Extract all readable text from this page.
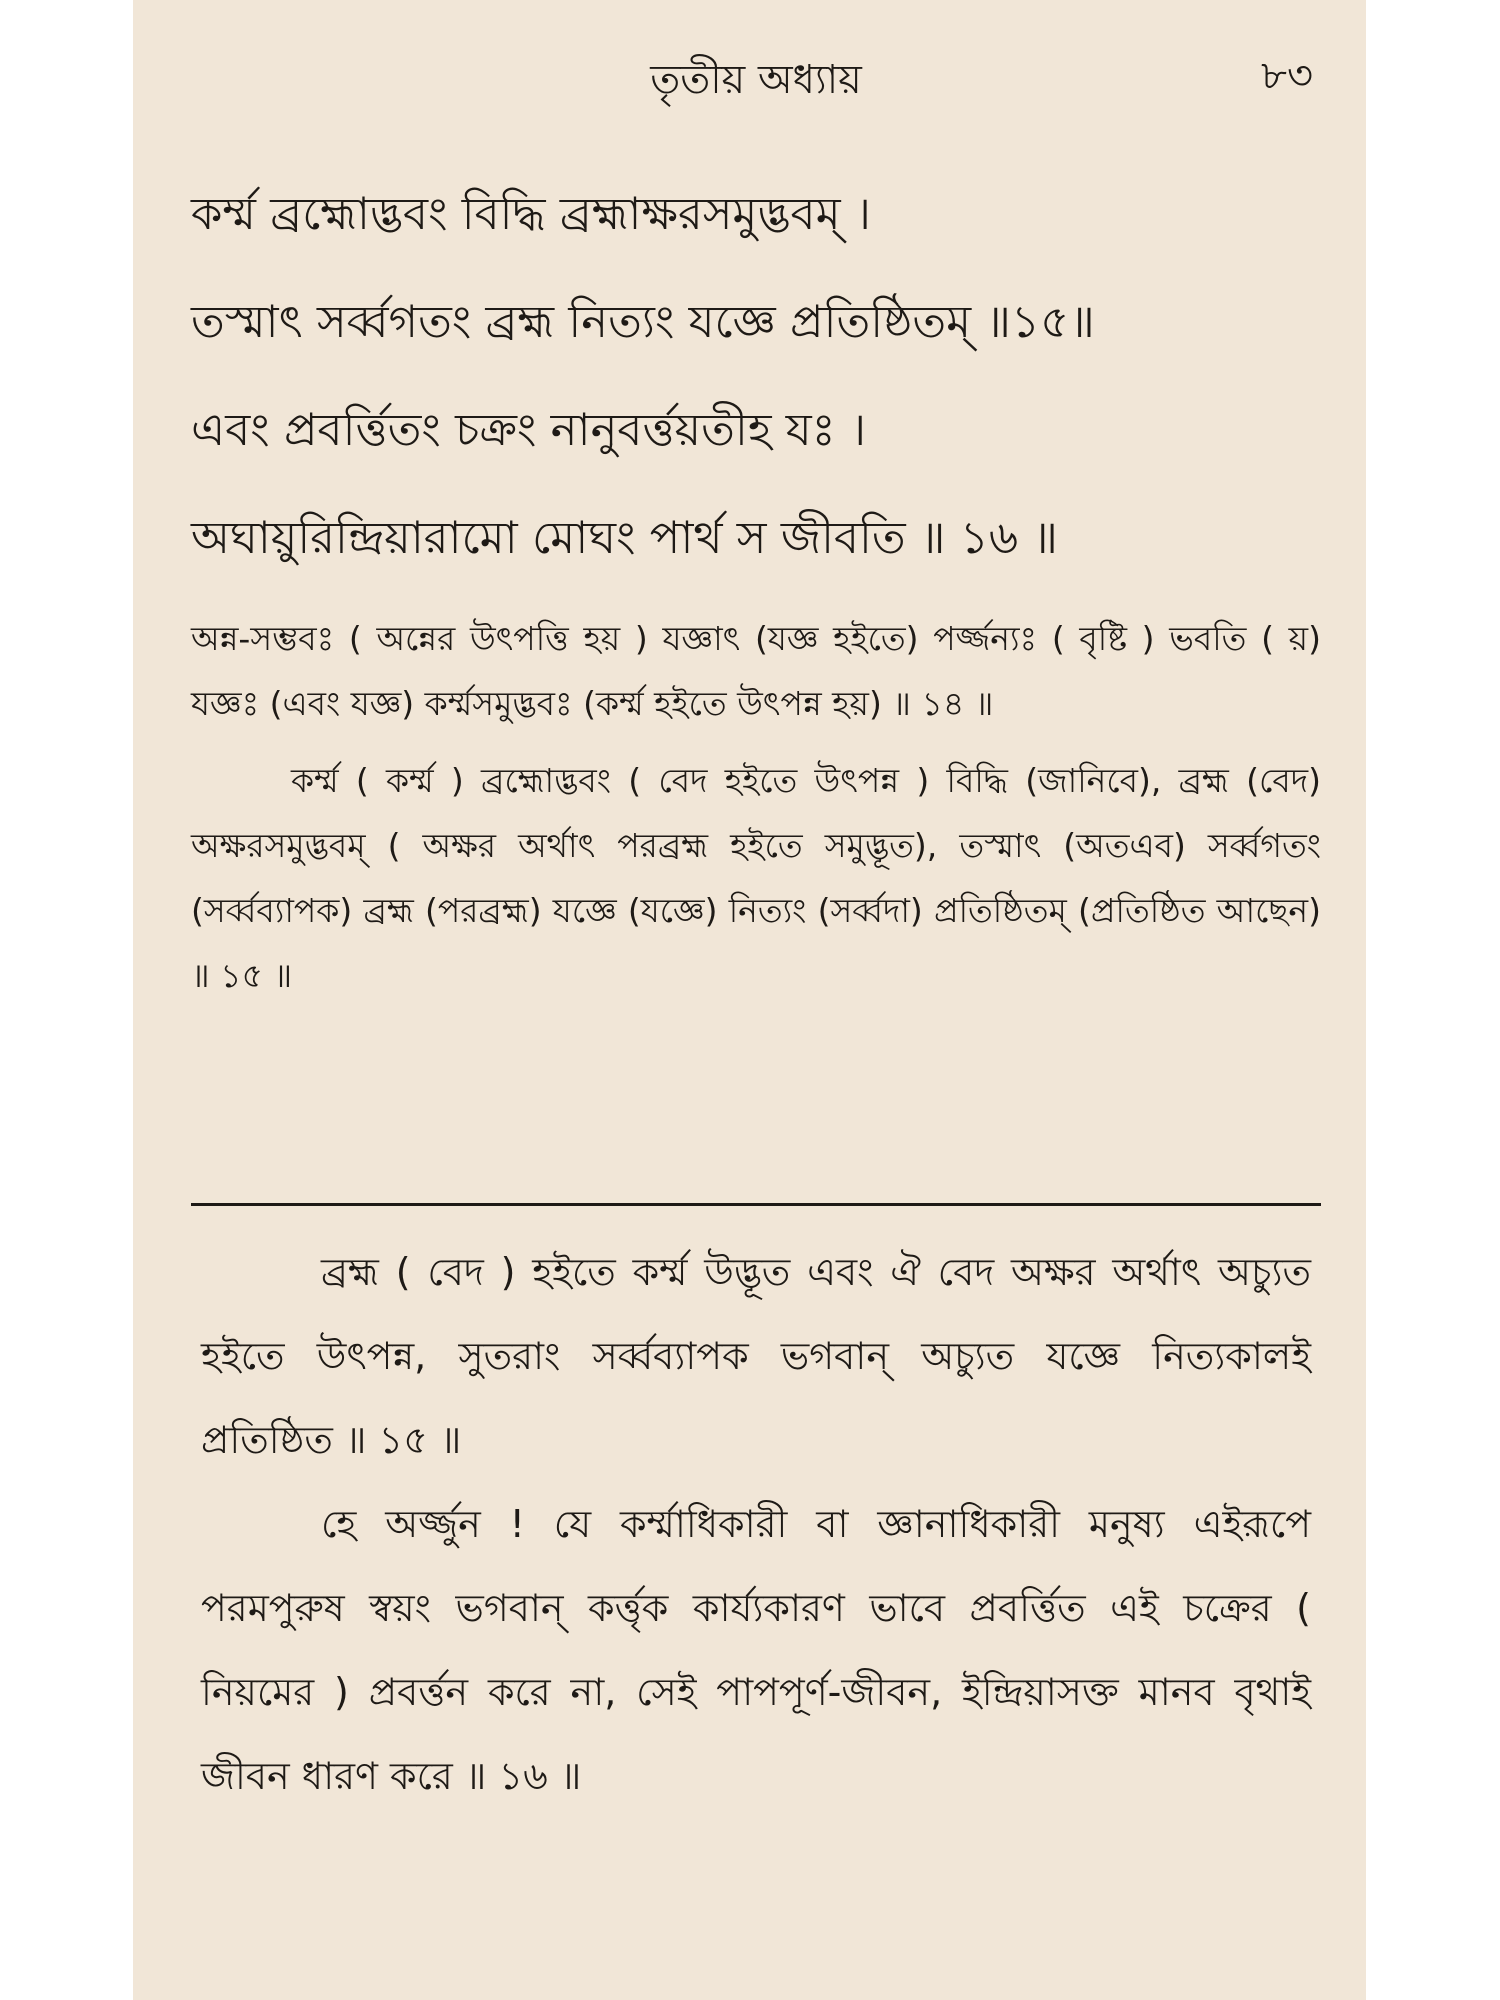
তৃতীয় অধ্যায়	৮৩
কর্ম্ম ব্রহ্মোদ্ভবং বিদ্ধি ব্রহ্মাক্ষরসমুদ্ভবম্ ।
তস্মাৎ সর্ব্বগতং ব্রহ্ম নিত্যং যজ্ঞে প্রতিষ্ঠিতম্ ॥১৫॥
এবং প্রবর্ত্তিতং চক্রং নানুবর্ত্তয়তীহ যঃ ।
অঘায়ুরিন্দ্রিয়ারামো মোঘং পার্থ স জীবতি ॥ ১৬ ॥

অন্ন-সম্ভবঃ ( অন্নের উৎপত্তি হয় ) যজ্ঞাৎ (যজ্ঞ হইতে) পর্জ্জন্যঃ ( বৃষ্টি ) ভবতি ( য়) যজ্ঞঃ (এবং যজ্ঞ) কর্ম্মসমুদ্ভবঃ (কর্ম্ম হইতে উৎপন্ন হয়) ॥ ১৪ ॥

কর্ম্ম ( কর্ম্ম ) ব্রহ্মোদ্ভবং ( বেদ হইতে উৎপন্ন ) বিদ্ধি (জানিবে), ব্রহ্ম (বেদ) অক্ষরসমুদ্ভবম্ ( অক্ষর অর্থাৎ পরব্রহ্ম হইতে সমুদ্ভূত), তস্মাৎ (অতএব) সর্ব্বগতং (সর্ব্বব্যাপক) ব্রহ্ম (পরব্রহ্ম) যজ্ঞে (যজ্ঞে) নিত্যং (সর্ব্বদা) প্রতিষ্ঠিতম্ (প্রতিষ্ঠিত আছেন) ॥ ১৫ ॥

ব্রহ্ম ( বেদ ) হইতে কর্ম্ম উদ্ভূত এবং ঐ বেদ অক্ষর অর্থাৎ অচ্যুত হইতে উৎপন্ন, সুতরাং সর্ব্বব্যাপক ভগবান্ অচ্যুত যজ্ঞে নিত্যকালই প্রতিষ্ঠিত ॥ ১৫ ॥

হে অর্জ্জুন ! যে কর্ম্মাধিকারী বা জ্ঞানাধিকারী মনুষ্য এইরূপে পরমপুরুষ স্বয়ং ভগবান্ কর্ত্তৃক কার্য্যকারণ ভাবে প্রবর্ত্তিত এই চক্রের ( নিয়মের ) প্রবর্ত্তন করে না, সেই পাপপূর্ণ-জীবন, ইন্দ্রিয়াসক্ত মানব বৃথাই জীবন ধারণ করে ॥ ১৬ ॥
